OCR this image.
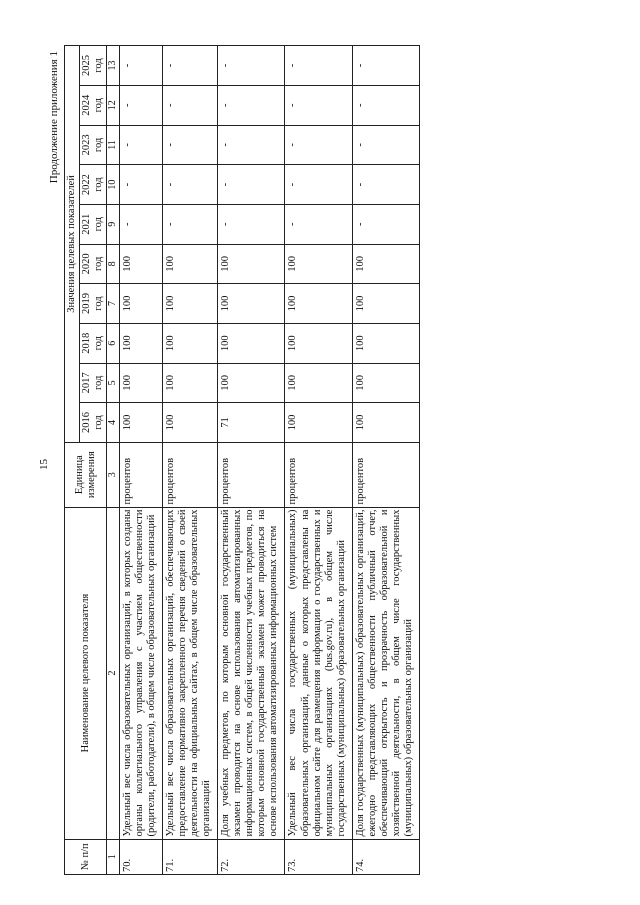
15
Продолжение приложения 1
№ п/п	Наименование целевого показателя	Единица измерения	Значения целевых показателей									
			2016 год	2017 год	2018 год	2019 год	2020 год	2021 год	2022 год	2023 год	2024 год	2025 год
1	2	3	4	5	6	7	8	9	10	11	12	13
70.	Удельный вес числа образовательных организаций, в которых созданы органы коллегиального управления с участием общественности (родители, работодатели), в общем числе образовательных организаций	процентов	100	100	100	100	100	-	-	-	-	-
71.	Удельный вес числа образовательных организаций, обеспечивающих предоставление нормативно закрепленного перечня сведений о своей деятельности на официальных сайтах, в общем числе образовательных организаций	процентов	100	100	100	100	100	-	-	-	-	-
72.	Доля учебных предметов, по которым основной государственный экзамен проводится на основе использования автоматизированных информационных систем, в общей численности учебных предметов, по которым основной государственный экзамен может проводиться на основе использования автоматизированных информационных систем	процентов	71	100	100	100	100	-	-	-	-	-
73.	Удельный вес числа государственных (муниципальных) образовательных организаций, данные о которых представлены на официальном сайте для размещения информации о государственных и муниципальных организациях (bus.gov.ru), в общем числе государственных (муниципальных) образовательных организаций	процентов	100	100	100	100	100	-	-	-	-	-
74.	Доля государственных (муниципальных) образовательных организаций, ежегодно представляющих общественности публичный отчет, обеспечивающий открытость и прозрачность образовательной и хозяйственной деятельности, в общем числе государственных (муниципальных) образовательных организаций	процентов	100	100	100	100	100	-	-	-	-	-
